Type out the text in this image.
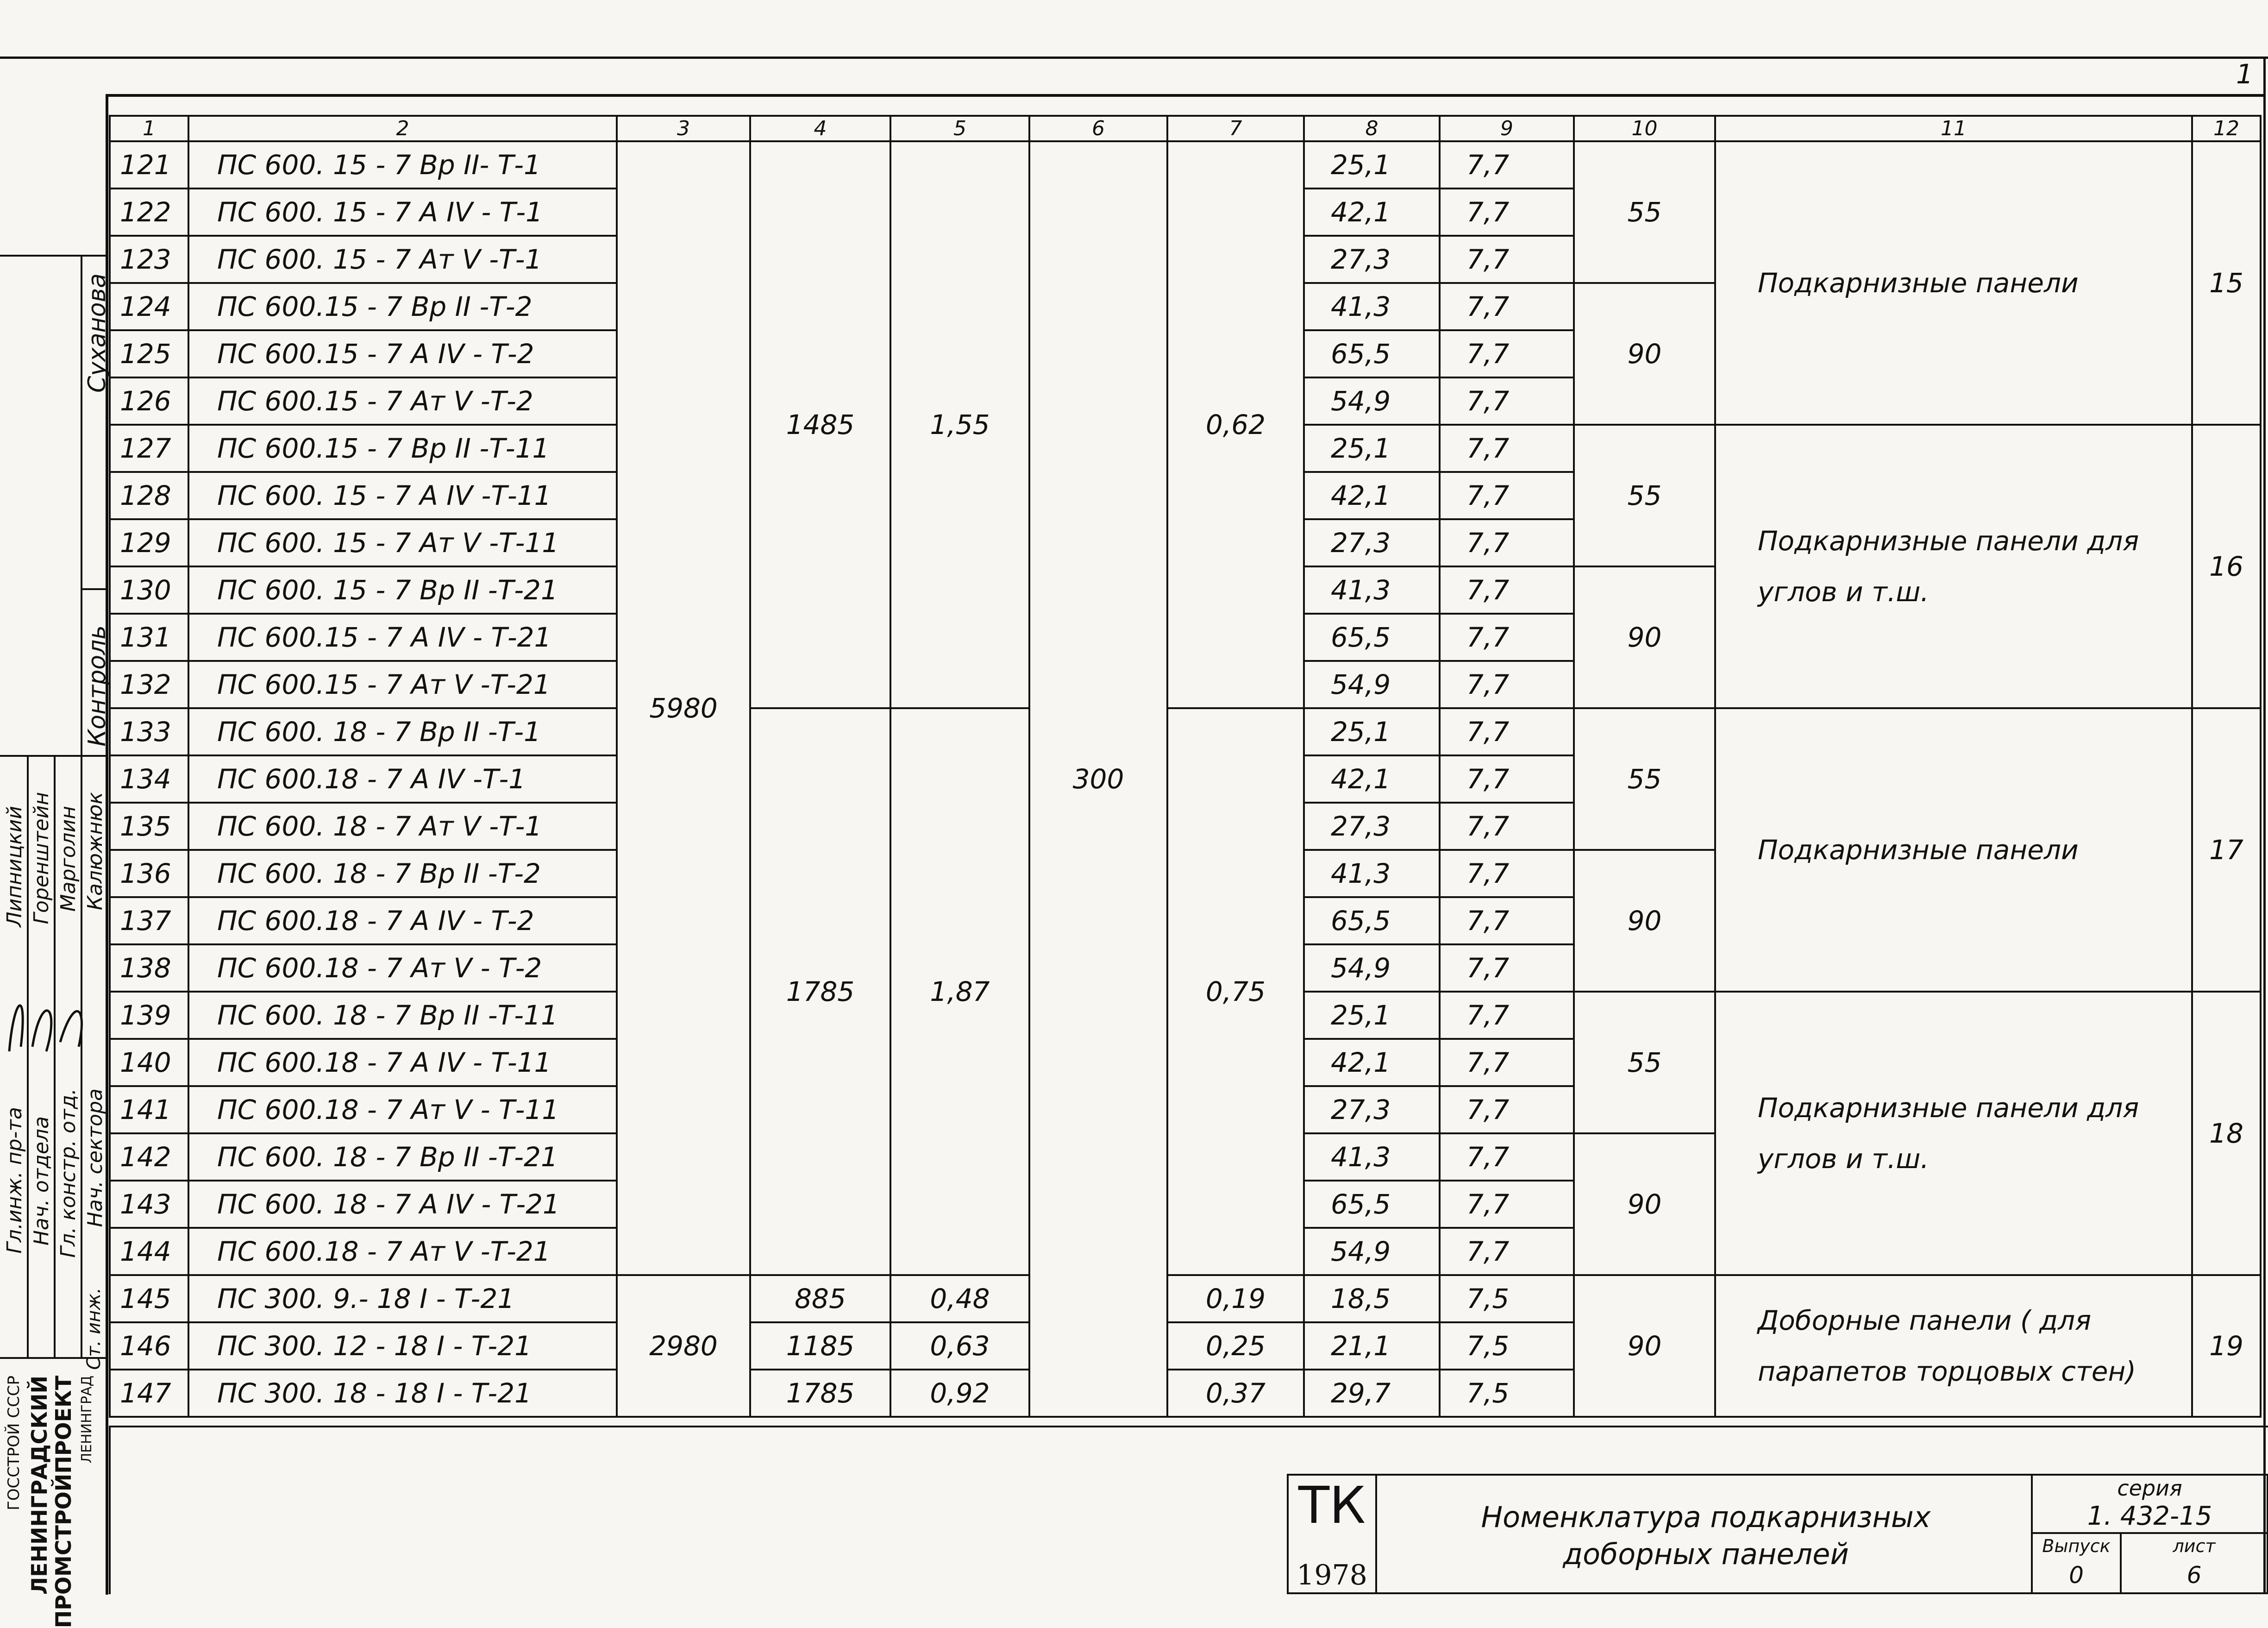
1
Суханова
Контроль
Гл.инж. пр-та Нач. отдела Гл. констр. отд. Нач. сектора
Ст. инж.
Липницкий Горенштейн Марголин Калюжнюк
ГОССТРОЙ СССР ЛЕНИНГРАДСКИЙ
ПРОМСТРОЙПРОЕКТ ЛЕНИНГРАД
1	2	3	4	5	6	7	8	9	10	11	12
121	ПС 600. 15 - 7 Вр II- Т-1	5980	1485	1,55	300	0,62	25,1	7,7	55	Подкарнизные панели	15
122	ПС 600. 15 - 7 А IV - Т-1						42,1	7,7			
123	ПС 600. 15 - 7 Ат V -Т-1						27,3	7,7			
124	ПС 600.15 - 7 Вр II -Т-2						41,3	7,7	90		
125	ПС 600.15 - 7 А IV - Т-2						65,5	7,7			
126	ПС 600.15 - 7 Ат V -Т-2						54,9	7,7			
127	ПС 600.15 - 7 Вр II -Т-11						25,1	7,7	55	Подкарнизные панели для углов и т.ш.	16
128	ПС 600. 15 - 7 А IV -Т-11						42,1	7,7			
129	ПС 600. 15 - 7 Ат V -Т-11						27,3	7,7			
130	ПС 600. 15 - 7 Вр II -Т-21						41,3	7,7	90		
131	ПС 600.15 - 7 А IV - Т-21						65,5	7,7			
132	ПС 600.15 - 7 Ат V -Т-21						54,9	7,7			
133	ПС 600. 18 - 7 Вр II -Т-1		1785	1,87		0,75	25,1	7,7	55	Подкарнизные панели	17
134	ПС 600.18 - 7 А IV -Т-1						42,1	7,7			
135	ПС 600. 18 - 7 Ат V -Т-1						27,3	7,7			
136	ПС 600. 18 - 7 Вр II -Т-2						41,3	7,7	90		
137	ПС 600.18 - 7 А IV - Т-2						65,5	7,7			
138	ПС 600.18 - 7 Ат V - Т-2						54,9	7,7			
139	ПС 600. 18 - 7 Вр II -Т-11						25,1	7,7	55	Подкарнизные панели для углов и т.ш.	18
140	ПС 600.18 - 7 А IV - Т-11						42,1	7,7			
141	ПС 600.18 - 7 Ат V - Т-11						27,3	7,7			
142	ПС 600. 18 - 7 Вр II -Т-21						41,3	7,7	90		
143	ПС 600. 18 - 7 А IV - Т-21						65,5	7,7			
144	ПС 600.18 - 7 Ат V -Т-21						54,9	7,7			
145	ПС 300. 9.- 18 I - Т-21	2980	885	0,48		0,19	18,5	7,5	90	Доборные панели ( для парапетов торцовых стен)	19
146	ПС 300. 12 - 18 I - Т-21		1185	0,63		0,25	21,1	7,5			
147	ПС 300. 18 - 18 I - Т-21		1785	0,92		0,37	29,7	7,5			
ТК
1978
Номенклатура подкарнизных доборных панелей
серия
1. 432-15
Выпуск
0
лист
6
